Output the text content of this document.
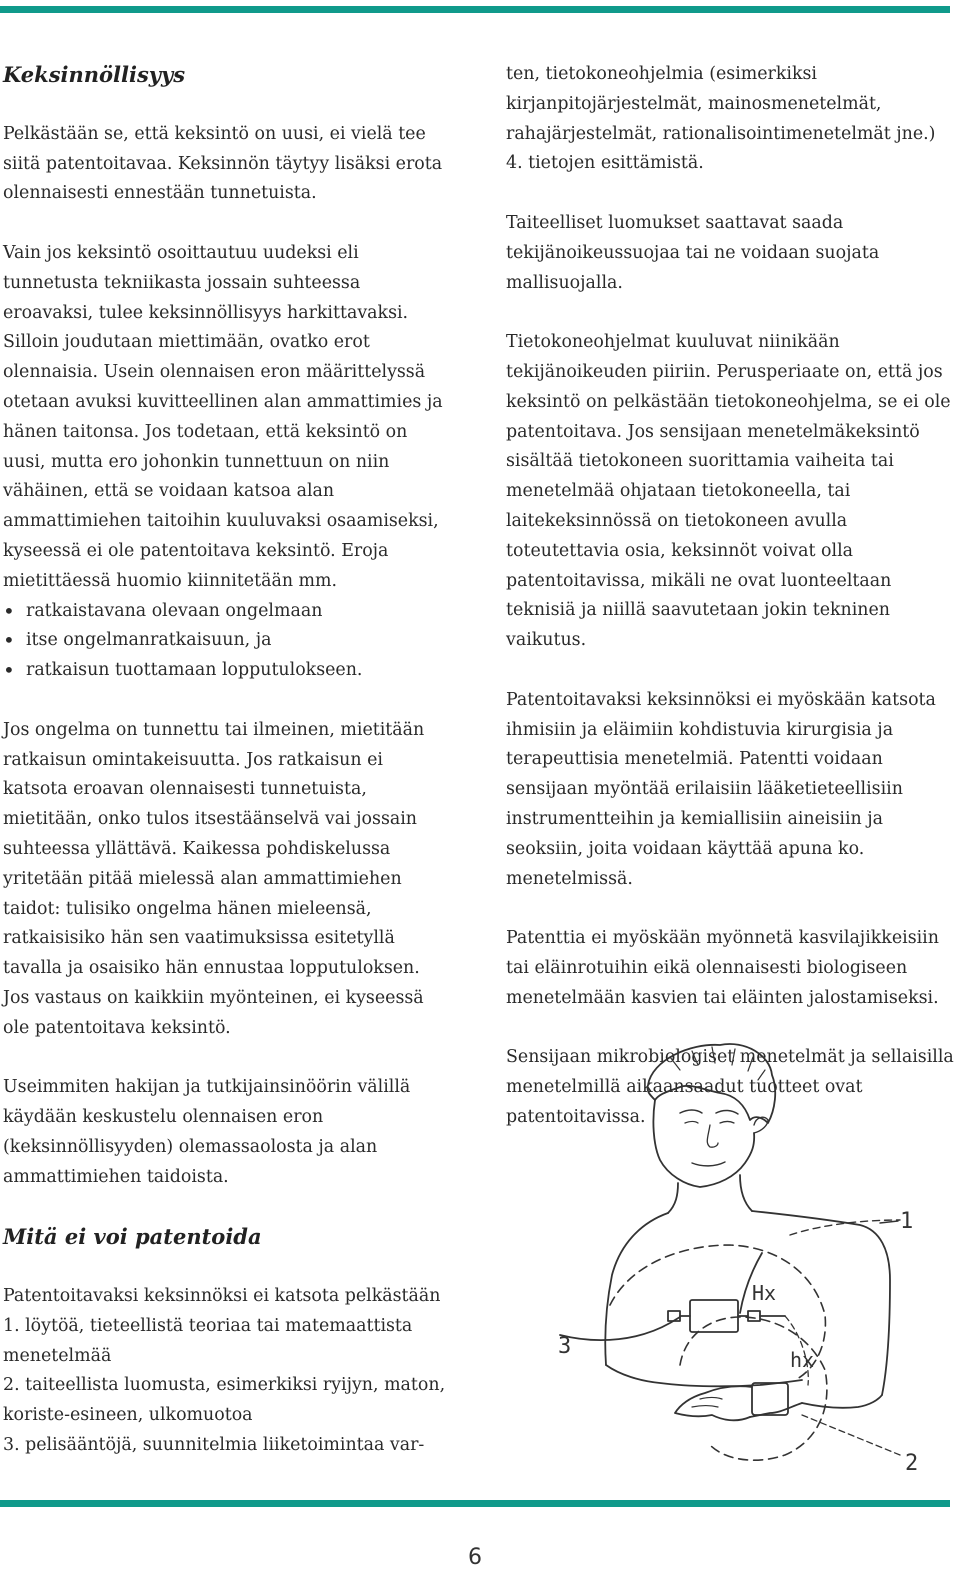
Keksinnöllisyys

Pelkästään se, että keksintö on uusi, ei vielä tee siitä patentoitavaa. Keksinnön täytyy lisäksi erota olennaisesti ennestään tunnetuista.

Vain jos keksintö osoittautuu uudeksi eli tunnetusta tekniikasta jossain suhteessa eroavaksi, tulee keksinnöllisyys harkittavaksi. Silloin joudutaan miettimään, ovatko erot olennaisia. Usein olennaisen eron määrittelyssä otetaan avuksi kuvitteellinen alan ammattimies ja hänen taitonsa. Jos todetaan, että keksintö on uusi, mutta ero johonkin tunnettuun on niin vähäinen, että se voidaan katsoa alan ammattimiehen taitoihin kuuluvaksi osaamiseksi, kyseessä ei ole patentoitava keksintö. Eroja mietittäessä huomio kiinnitetään mm.

• ratkaistavana olevaan ongelmaan
• itse ongelmanratkaisuun, ja
• ratkaisun tuottamaan lopputulokseen.

Jos ongelma on tunnettu tai ilmeinen, mietitään ratkaisun omintakeisuutta. Jos ratkaisun ei katsota eroavan olennaisesti tunnetuista, mietitään, onko tulos itsestäänselvä vai jossain suhteessa yllättävä. Kaikessa pohdiskelussa yritetään pitää mielessä alan ammattimiehen taidot: tulisiko ongelma hänen mieleensä, ratkaisisiko hän sen vaatimuksissa esitetyllä tavalla ja osaisiko hän ennustaa lopputuloksen. Jos vastaus on kaikkiin myönteinen, ei kyseessä ole patentoitava keksintö.

Useimmiten hakijan ja tutkijainsinöörin välillä käydään keskustelu olennaisen eron (keksinnöllisyyden) olemassaolosta ja alan ammattimiehen taidoista.

Mitä ei voi patentoida

Patentoitavaksi keksinnöksi ei katsota pelkästään

1. löytöä, tieteellistä teoriaa tai matemaattista menetelmää

2. taiteellista luomusta, esimerkiksi ryijyn, maton, koriste-esineen, ulkomuotoa

3. pelisääntöjä, suunnitelmia liiketoimintaa var-

ten, tietokoneohjelmia (esimerkiksi kirjanpitojärjestelmät, mainosmenetelmät, rahajärjestelmät, rationalisointimenetelmät jne.)

4. tietojen esittämistä.

Taiteelliset luomukset saattavat saada tekijänoikeussuojaa tai ne voidaan suojata mallisuojalla.

Tietokoneohjelmat kuuluvat niinikään tekijänoikeuden piiriin. Perusperiaate on, että jos keksintö on pelkästään tietokoneohjelma, se ei ole patentoitava. Jos sensijaan menetelmäkeksintö sisältää tietokoneen suorittamia vaiheita tai menetelmää ohjataan tietokoneella, tai laitekeksinnössä on tietokoneen avulla toteutettavia osia, keksinnöt voivat olla patentoitavissa, mikäli ne ovat luonteeltaan teknisiä ja niillä saavutetaan jokin tekninen vaikutus.

Patentoitavaksi keksinnöksi ei myöskään katsota ihmisiin ja eläimiin kohdistuvia kirurgisia ja terapeuttisia menetelmiä. Patentti voidaan sensijaan myöntää erilaisiin lääketieteellisiin instrumentteihin ja kemiallisiin aineisiin ja seoksiin, joita voidaan käyttää apuna ko. menetelmissä.

Patenttia ei myöskään myönnetä kasvilajikkeisiin tai eläinrotuihin eikä olennaisesti biologiseen menetelmään kasvien tai eläinten jalostamiseksi.

Sensijaan mikrobiologiset menetelmät ja sellaisilla menetelmillä aikaansaadut tuotteet ovat patentoitavissa.

1
Hx
3
hx
2
6
